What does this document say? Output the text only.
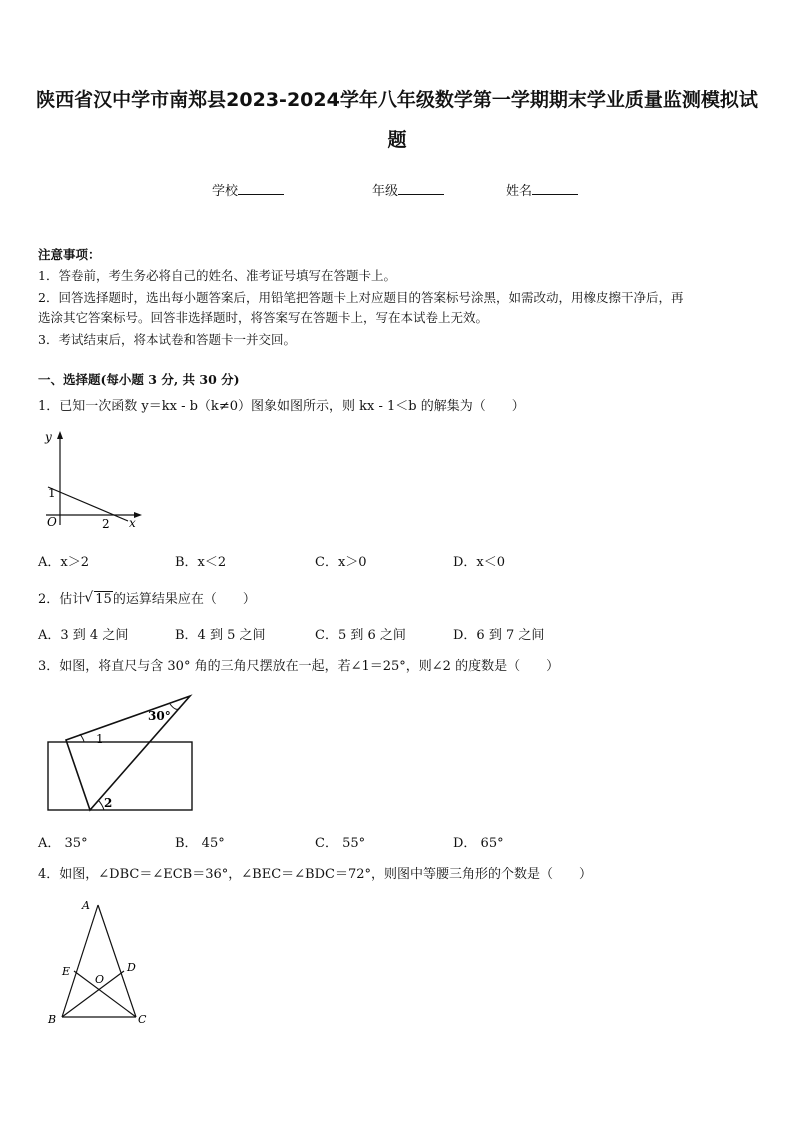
陕西省汉中学市南郑县2023-2024学年八年级数学第一学期期末学业质量监测模拟试
题
学校	年级	姓名
注意事项：
1．答卷前，考生务必将自己的姓名、准考证号填写在答题卡上。
2．回答选择题时，选出每小题答案后，用铅笔把答题卡上对应题目的答案标号涂黑，如需改动，用橡皮擦干净后，再
选涂其它答案标号。回答非选择题时，将答案写在答题卡上，写在本试卷上无效。
3．考试结束后，将本试卷和答题卡一并交回。
一、选择题(每小题 3 分, 共 30 分)
1．已知一次函数 y＝kx - b（k≠0）图象如图所示，则 kx - 1＜b 的解集为（　　）
y
x
O
1
2
A．x＞2	B．x＜2	C．x＞0	D．x＜0
2．估计√ 15的运算结果应在（　　）
A．3 到 4 之间	B．4 到 5 之间	C．5 到 6 之间	D．6 到 7 之间
3．如图，将直尺与含 30° 角的三角尺摆放在一起，若∠1＝25°，则∠2 的度数是（　　）
30°
1
2
A． 35°	B． 45°	C． 55°	D． 65°
4．如图，∠DBC＝∠ECB＝36°，∠BEC＝∠BDC＝72°，则图中等腰三角形的个数是（　　）
A
B	C
D
E
O
